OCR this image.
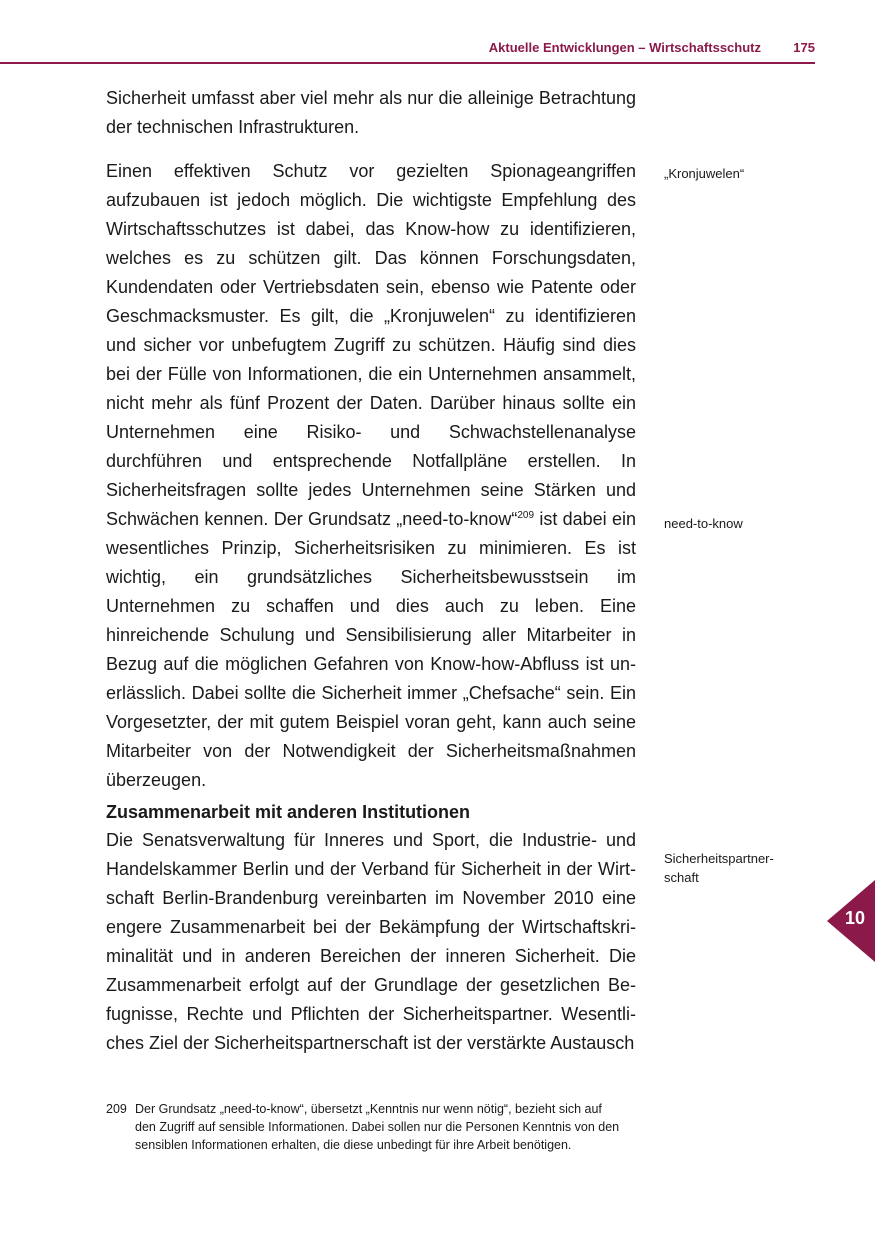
Aktuelle Entwicklungen – Wirtschaftsschutz 175

Sicherheit umfasst aber viel mehr als nur die alleinige Betrachtung der technischen Infrastrukturen.

Einen effektiven Schutz vor gezielten Spionageangriffen aufzubauen ist jedoch möglich. Die wichtigste Empfehlung des Wirtschaftsschutzes ist dabei, das Know-how zu identifizieren, welches es zu schützen gilt. Das können Forschungsdaten, Kundendaten oder Vertriebsdaten sein, ebenso wie Patente oder Geschmacksmuster. Es gilt, die „Kronjuwelen“ zu identifizieren und sicher vor unbefugtem Zugriff zu schützen. Häufig sind dies bei der Fülle von Informationen, die ein Unternehmen ansammelt, nicht mehr als fünf Prozent der Daten. Darüber hinaus sollte ein Unternehmen eine Risiko- und Schwachstellenanalyse durchführen und entsprechende Notfallpläne erstellen. In Sicherheitsfragen sollte jedes Unternehmen seine Stärken und Schwächen kennen. Der Grundsatz „need-to-know“$^{209}$ ist dabei ein wesentliches Prinzip, Sicherheitsrisiken zu minimieren. Es ist wichtig, ein grundsätzliches Sicherheitsbewusstsein im Unternehmen zu schaffen und dies auch zu leben. Eine hinreichende Schulung und Sensibilisierung aller Mitarbeiter in Bezug auf die möglichen Gefahren von Know-how-Abfluss ist unerlässlich. Dabei sollte die Sicherheit immer „Chefsache“ sein. Ein Vorgesetzter, der mit gutem Beispiel voran geht, kann auch seine Mitarbeiter von der Notwendigkeit der Sicherheitsmaßnahmen überzeugen.

Zusammenarbeit mit anderen Institutionen

Die Senatsverwaltung für Inneres und Sport, die Industrie- und Handelskammer Berlin und der Verband für Sicherheit in der Wirtschaft Berlin-Brandenburg vereinbarten im November 2010 eine engere Zusammenarbeit bei der Bekämpfung der Wirtschaftskriminalität und in anderen Bereichen der inneren Sicherheit. Die Zusammenarbeit erfolgt auf der Grundlage der gesetzlichen Befugnisse, Rechte und Pflichten der Sicherheitspartner. Wesentliches Ziel der Sicherheitspartnerschaft ist der verstärkte Austausch

„Kronjuwelen“
need-to-know
Sicherheitspartnerschaft
209 Der Grundsatz „need-to-know“, übersetzt „Kenntnis nur wenn nötig“, bezieht sich auf den Zugriff auf sensible Informationen. Dabei sollen nur die Personen Kenntnis von den sensiblen Informationen erhalten, die diese unbedingt für ihre Arbeit benötigen.
10
